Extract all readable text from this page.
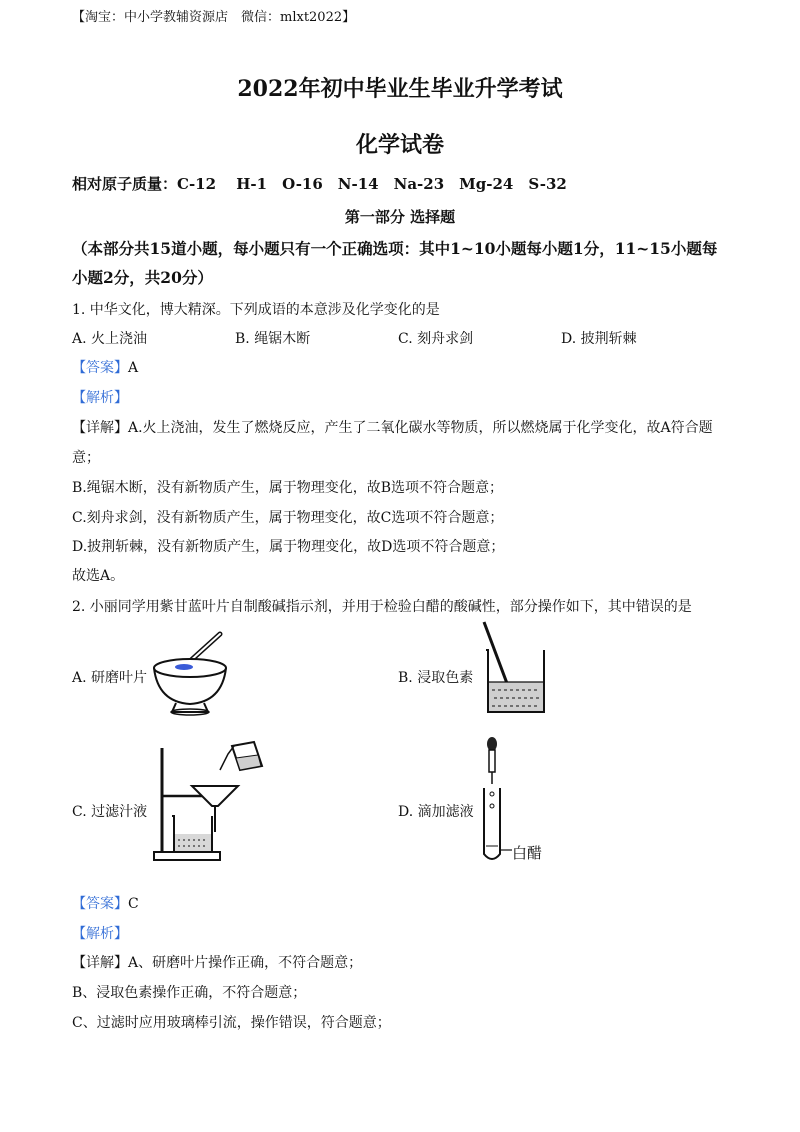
【淘宝：中小学教辅资源店　微信：mlxt2022】
2022年初中毕业生毕业升学考试
化学试卷
相对原子质量：C-12　 H-1　O-16　N-14　Na-23　Mg-24　S-32
第一部分 选择题
（本部分共15道小题，每小题只有一个正确选项：其中1~10小题每小题1分，11~15小题每
小题2分，共20分）
1. 中华文化，博大精深。下列成语的本意涉及化学变化的是
A. 火上浇油	B. 绳锯木断	C. 刻舟求剑	D. 披荆斩棘
【答案】A
【解析】
【详解】A.火上浇油，发生了燃烧反应，产生了二氧化碳水等物质，所以燃烧属于化学变化，故A符合题
意；
B.绳锯木断，没有新物质产生，属于物理变化，故B选项不符合题意；
C.刻舟求剑，没有新物质产生，属于物理变化，故C选项不符合题意；
D.披荆斩棘，没有新物质产生，属于物理变化，故D选项不符合题意；
故选A。
2. 小丽同学用紫甘蓝叶片自制酸碱指示剂，并用于检验白醋的酸碱性，部分操作如下，其中错误的是
A. 研磨叶片	B. 浸取色素
C. 过滤汁液	D. 滴加滤液
白醋
【答案】C
【解析】
【详解】A、研磨叶片操作正确，不符合题意；
B、浸取色素操作正确，不符合题意；
C、过滤时应用玻璃棒引流，操作错误，符合题意；
